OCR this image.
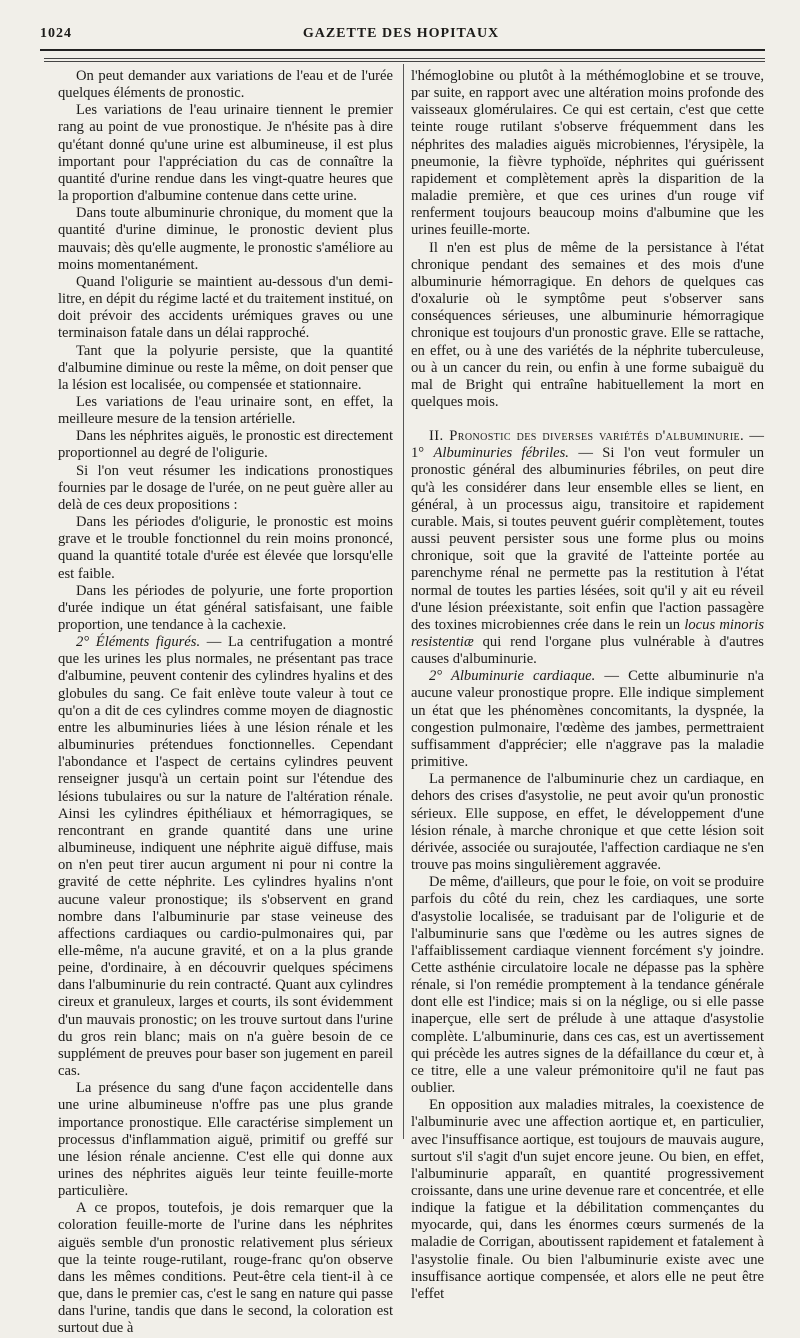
1024	GAZETTE DES HOPITAUX

On peut demander aux variations de l'eau et de l'urée quelques éléments de pronostic.

Les variations de l'eau urinaire tiennent le premier rang au point de vue pronostique. Je n'hésite pas à dire qu'étant donné qu'une urine est albumineuse, il est plus important pour l'appréciation du cas de connaître la quantité d'urine rendue dans les vingt-quatre heures que la proportion d'albumine contenue dans cette urine.

Dans toute albuminurie chronique, du moment que la quantité d'urine diminue, le pronostic devient plus mauvais; dès qu'elle augmente, le pronostic s'améliore au moins momentanément.

Quand l'oligurie se maintient au-dessous d'un demi-litre, en dépit du régime lacté et du traitement institué, on doit prévoir des accidents urémiques graves ou une terminaison fatale dans un délai rapproché.

Tant que la polyurie persiste, que la quantité d'albumine diminue ou reste la même, on doit penser que la lésion est localisée, ou compensée et stationnaire.

Les variations de l'eau urinaire sont, en effet, la meilleure mesure de la tension artérielle.

Dans les néphrites aiguës, le pronostic est directement proportionnel au degré de l'oligurie.

Si l'on veut résumer les indications pronostiques fournies par le dosage de l'urée, on ne peut guère aller au delà de ces deux propositions :

Dans les périodes d'oligurie, le pronostic est moins grave et le trouble fonctionnel du rein moins prononcé, quand la quantité totale d'urée est élevée que lorsqu'elle est faible.

Dans les périodes de polyurie, une forte proportion d'urée indique un état général satisfaisant, une faible proportion, une tendance à la cachexie.

2° Éléments figurés. — La centrifugation a montré que les urines les plus normales, ne présentant pas trace d'albumine, peuvent contenir des cylindres hyalins et des globules du sang. Ce fait enlève toute valeur à tout ce qu'on a dit de ces cylindres comme moyen de diagnostic entre les albuminuries liées à une lésion rénale et les albuminuries prétendues fonctionnelles. Cependant l'abondance et l'aspect de certains cylindres peuvent renseigner jusqu'à un certain point sur l'étendue des lésions tubulaires ou sur la nature de l'altération rénale. Ainsi les cylindres épithéliaux et hémorragiques, se rencontrant en grande quantité dans une urine albumineuse, indiquent une néphrite aiguë diffuse, mais on n'en peut tirer aucun argument ni pour ni contre la gravité de cette néphrite. Les cylindres hyalins n'ont aucune valeur pronostique; ils s'observent en grand nombre dans l'albuminurie par stase veineuse des affections cardiaques ou cardio-pulmonaires qui, par elle-même, n'a aucune gravité, et on a la plus grande peine, d'ordinaire, à en découvrir quelques spécimens dans l'albuminurie du rein contracté. Quant aux cylindres cireux et granuleux, larges et courts, ils sont évidemment d'un mauvais pronostic; on les trouve surtout dans l'urine du gros rein blanc; mais on n'a guère besoin de ce supplément de preuves pour baser son jugement en pareil cas.

La présence du sang d'une façon accidentelle dans une urine albumineuse n'offre pas une plus grande importance pronostique. Elle caractérise simplement un processus d'inflammation aiguë, primitif ou greffé sur une lésion rénale ancienne. C'est elle qui donne aux urines des néphrites aiguës leur teinte feuille-morte particulière.

A ce propos, toutefois, je dois remarquer que la coloration feuille-morte de l'urine dans les néphrites aiguës semble d'un pronostic relativement plus sérieux que la teinte rouge-rutilant, rouge-franc qu'on observe dans les mêmes conditions. Peut-être cela tient-il à ce que, dans le premier cas, c'est le sang en nature qui passe dans l'urine, tandis que dans le second, la coloration est surtout due à

l'hémoglobine ou plutôt à la méthémoglobine et se trouve, par suite, en rapport avec une altération moins profonde des vaisseaux glomérulaires. Ce qui est certain, c'est que cette teinte rouge rutilant s'observe fréquemment dans les néphrites des maladies aiguës microbiennes, l'érysipèle, la pneumonie, la fièvre typhoïde, néphrites qui guérissent rapidement et complètement après la disparition de la maladie première, et que ces urines d'un rouge vif renferment toujours beaucoup moins d'albumine que les urines feuille-morte.

Il n'en est plus de même de la persistance à l'état chronique pendant des semaines et des mois d'une albuminurie hémorragique. En dehors de quelques cas d'oxalurie où le symptôme peut s'observer sans conséquences sérieuses, une albuminurie hémorragique chronique est toujours d'un pronostic grave. Elle se rattache, en effet, ou à une des variétés de la néphrite tuberculeuse, ou à un cancer du rein, ou enfin à une forme subaiguë du mal de Bright qui entraîne habituellement la mort en quelques mois.

II. Pronostic des diverses variétés d'albuminurie. — 1° Albuminuries fébriles. — Si l'on veut formuler un pronostic général des albuminuries fébriles, on peut dire qu'à les considérer dans leur ensemble elles se lient, en général, à un processus aigu, transitoire et rapidement curable. Mais, si toutes peuvent guérir complètement, toutes aussi peuvent persister sous une forme plus ou moins chronique, soit que la gravité de l'atteinte portée au parenchyme rénal ne permette pas la restitution à l'état normal de toutes les parties lésées, soit qu'il y ait eu réveil d'une lésion préexistante, soit enfin que l'action passagère des toxines microbiennes crée dans le rein un locus minoris resistentiæ qui rend l'organe plus vulnérable à d'autres causes d'albuminurie.

2° Albuminurie cardiaque. — Cette albuminurie n'a aucune valeur pronostique propre. Elle indique simplement un état que les phénomènes concomitants, la dyspnée, la congestion pulmonaire, l'œdème des jambes, permettraient suffisamment d'apprécier; elle n'aggrave pas la maladie primitive.

La permanence de l'albuminurie chez un cardiaque, en dehors des crises d'asystolie, ne peut avoir qu'un pronostic sérieux. Elle suppose, en effet, le développement d'une lésion rénale, à marche chronique et que cette lésion soit dérivée, associée ou surajoutée, l'affection cardiaque ne s'en trouve pas moins singulièrement aggravée.

De même, d'ailleurs, que pour le foie, on voit se produire parfois du côté du rein, chez les cardiaques, une sorte d'asystolie localisée, se traduisant par de l'oligurie et de l'albuminurie sans que l'œdème ou les autres signes de l'affaiblissement cardiaque viennent forcément s'y joindre. Cette asthénie circulatoire locale ne dépasse pas la sphère rénale, si l'on remédie promptement à la tendance générale dont elle est l'indice; mais si on la néglige, ou si elle passe inaperçue, elle sert de prélude à une attaque d'asystolie complète. L'albuminurie, dans ces cas, est un avertissement qui précède les autres signes de la défaillance du cœur et, à ce titre, elle a une valeur prémonitoire qu'il ne faut pas oublier.

En opposition aux maladies mitrales, la coexistence de l'albuminurie avec une affection aortique et, en particulier, avec l'insuffisance aortique, est toujours de mauvais augure, surtout s'il s'agit d'un sujet encore jeune. Ou bien, en effet, l'albuminurie apparaît, en quantité progressivement croissante, dans une urine devenue rare et concentrée, et elle indique la fatigue et la débilitation commençantes du myocarde, qui, dans les énormes cœurs surmenés de la maladie de Corrigan, aboutissent rapidement et fatalement à l'asystolie finale. Ou bien l'albuminurie existe avec une insuffisance aortique compensée, et alors elle ne peut être l'effet
